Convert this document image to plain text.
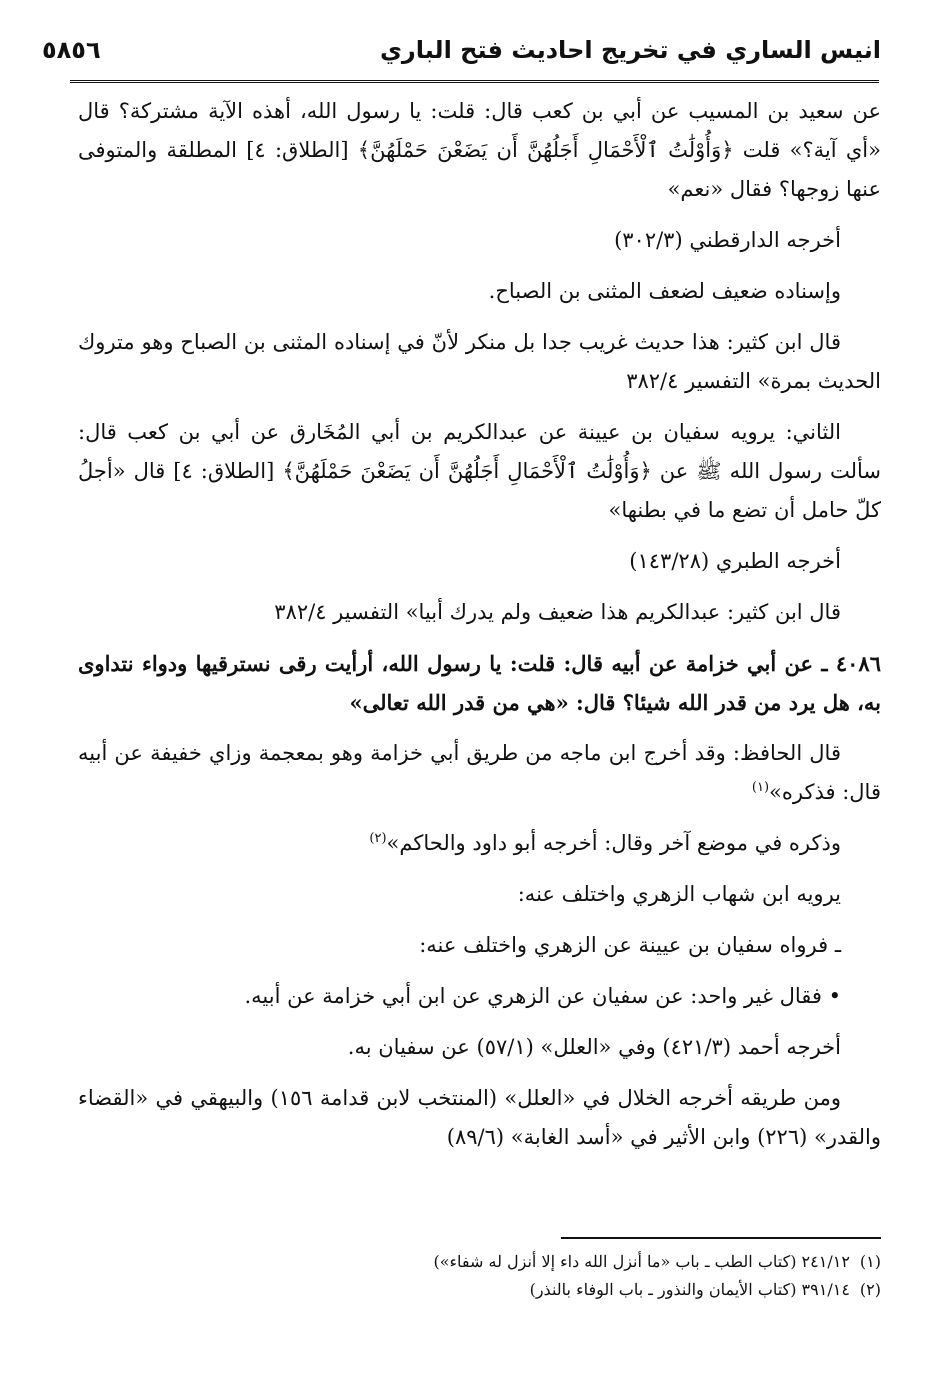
انيس الساري في تخريج احاديث فتح الباري
٥٨٥٦

عن سعيد بن المسيب عن أبي بن كعب قال: قلت: يا رسول الله، أهذه الآية مشتركة؟ قال «أي آية؟» قلت ﴿وَأُوْلَٰتُ ٱلْأَحْمَالِ أَجَلُهُنَّ أَن يَضَعْنَ حَمْلَهُنَّ﴾ [الطلاق: ٤] المطلقة والمتوفى عنها زوجها؟ فقال «نعم»

أخرجه الدارقطني (٣٠٢/٣)

وإسناده ضعيف لضعف المثنى بن الصباح.

قال ابن كثير: هذا حديث غريب جدا بل منكر لأنّ في إسناده المثنى بن الصباح وهو متروك الحديث بمرة» التفسير ٣٨٢/٤

الثاني: يرويه سفيان بن عيينة عن عبدالكريم بن أبي المُخَارق عن أبي بن كعب قال: سألت رسول الله ﷺ عن ﴿وَأُوْلَٰتُ ٱلْأَحْمَالِ أَجَلُهُنَّ أَن يَضَعْنَ حَمْلَهُنَّ﴾ [الطلاق: ٤] قال «أجلُ كلّ حامل أن تضع ما في بطنها»

أخرجه الطبري (١٤٣/٢٨)

قال ابن كثير: عبدالكريم هذا ضعيف ولم يدرك أبيا» التفسير ٣٨٢/٤

٤٠٨٦ ـ عن أبي خزامة عن أبيه قال: قلت: يا رسول الله، أرأيت رقى نسترقيها ودواء نتداوى به، هل يرد من قدر الله شيئا؟ قال: «هي من قدر الله تعالى»

قال الحافظ: وقد أخرج ابن ماجه من طريق أبي خزامة وهو بمعجمة وزاي خفيفة عن أبيه قال: فذكره»$^{(١)}$

وذكره في موضع آخر وقال: أخرجه أبو داود والحاكم»$^{(٢)}$

يرويه ابن شهاب الزهري واختلف عنه:

ـ فرواه سفيان بن عيينة عن الزهري واختلف عنه:

• فقال غير واحد: عن سفيان عن الزهري عن ابن أبي خزامة عن أبيه.

أخرجه أحمد (٤٢١/٣) وفي «العلل» (٥٧/١) عن سفيان به.

ومن طريقه أخرجه الخلال في «العلل» (المنتخب لابن قدامة ١٥٦) والبيهقي في «القضاء والقدر» (٢٢٦) وابن الأثير في «أسد الغابة» (٨٩/٦)

(١)
٢٤١/١٢ (كتاب الطب ـ باب «ما أنزل الله داء إلا أنزل له شفاء»)
(٢)
٣٩١/١٤ (كتاب الأيمان والنذور ـ باب الوفاء بالنذر)
